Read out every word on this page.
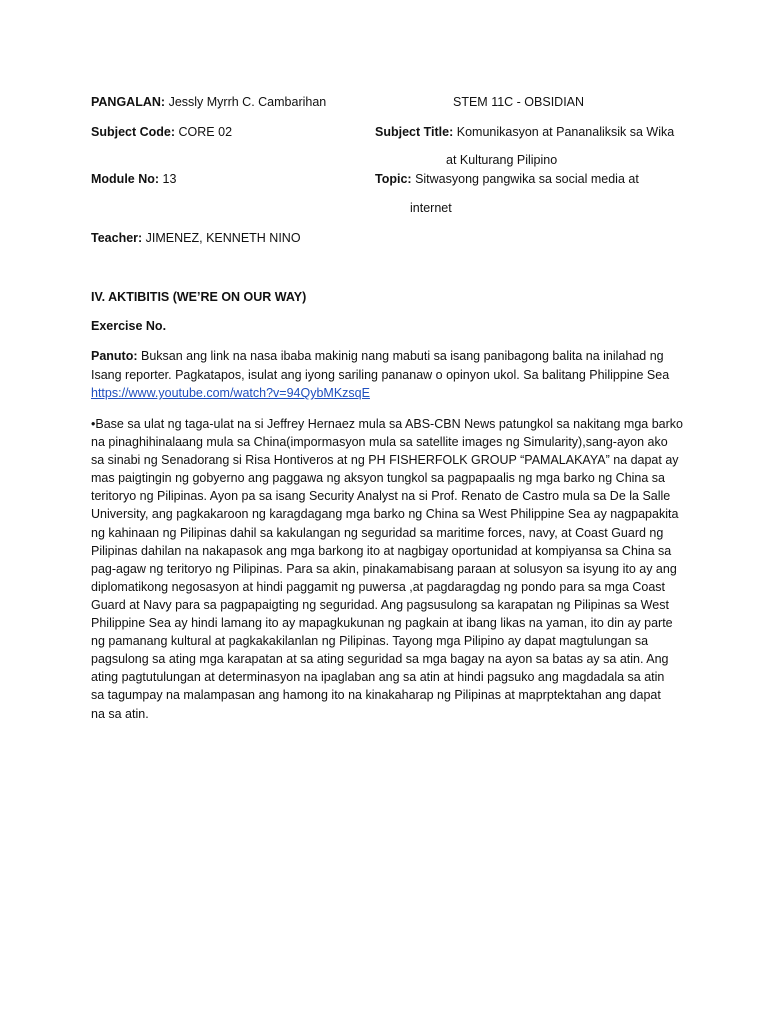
PANGALAN: Jessly Myrrh C. Cambarihan	STEM 11C - OBSIDIAN
Subject Code: CORE 02	Subject Title: Komunikasyon at Pananaliksik sa Wika
at Kulturang Pilipino
Module No: 13	Topic: Sitwasyong pangwika sa social media at
internet
Teacher: JIMENEZ, KENNETH NINO
IV. AKTIBITIS (WE’RE ON OUR WAY)
Exercise No.
Panuto: Buksan ang link na nasa ibaba makinig nang mabuti sa isang panibagong balita na inilahad ng
Isang reporter. Pagkatapos, isulat ang iyong sariling pananaw o opinyon ukol. Sa balitang Philippine Sea
https://www.youtube.com/watch?v=94QybMKzsqE
•Base sa ulat ng taga-ulat na si Jeffrey Hernaez mula sa ABS-CBN News patungkol sa nakitang mga barko
na pinaghihinalaang mula sa China(impormasyon mula sa satellite images ng Simularity),sang-ayon ako
sa sinabi ng Senadorang si Risa Hontiveros at ng PH FISHERFOLK GROUP “PAMALAKAYA” na dapat ay
mas paigtingin ng gobyerno ang paggawa ng aksyon tungkol sa pagpapaalis ng mga barko ng China sa
teritoryo ng Pilipinas. Ayon pa sa isang Security Analyst na si Prof. Renato de Castro mula sa De la Salle
University, ang pagkakaroon ng karagdagang mga barko ng China sa West Philippine Sea ay nagpapakita
ng kahinaan ng Pilipinas dahil sa kakulangan ng seguridad sa maritime forces, navy, at Coast Guard ng
Pilipinas dahilan na nakapasok ang mga barkong ito at nagbigay oportunidad at kompiyansa sa China sa
pag-agaw ng teritoryo ng Pilipinas. Para sa akin, pinakamabisang paraan at solusyon sa isyung ito ay ang
diplomatikong negosasyon at hindi paggamit ng puwersa ,at pagdaragdag ng pondo para sa mga Coast
Guard at Navy para sa pagpapaigting ng seguridad. Ang pagsusulong sa karapatan ng Pilipinas sa West
Philippine Sea ay hindi lamang ito ay mapagkukunan ng pagkain at ibang likas na yaman, ito din ay parte
ng pamanang kultural at pagkakakilanlan ng Pilipinas. Tayong mga Pilipino ay dapat magtulungan sa
pagsulong sa ating mga karapatan at sa ating seguridad sa mga bagay na ayon sa batas ay sa atin. Ang
ating pagtutulungan at determinasyon na ipaglaban ang sa atin at hindi pagsuko ang magdadala sa atin
sa tagumpay na malampasan ang hamong ito na kinakaharap ng Pilipinas at maprptektahan ang dapat
na sa atin.
